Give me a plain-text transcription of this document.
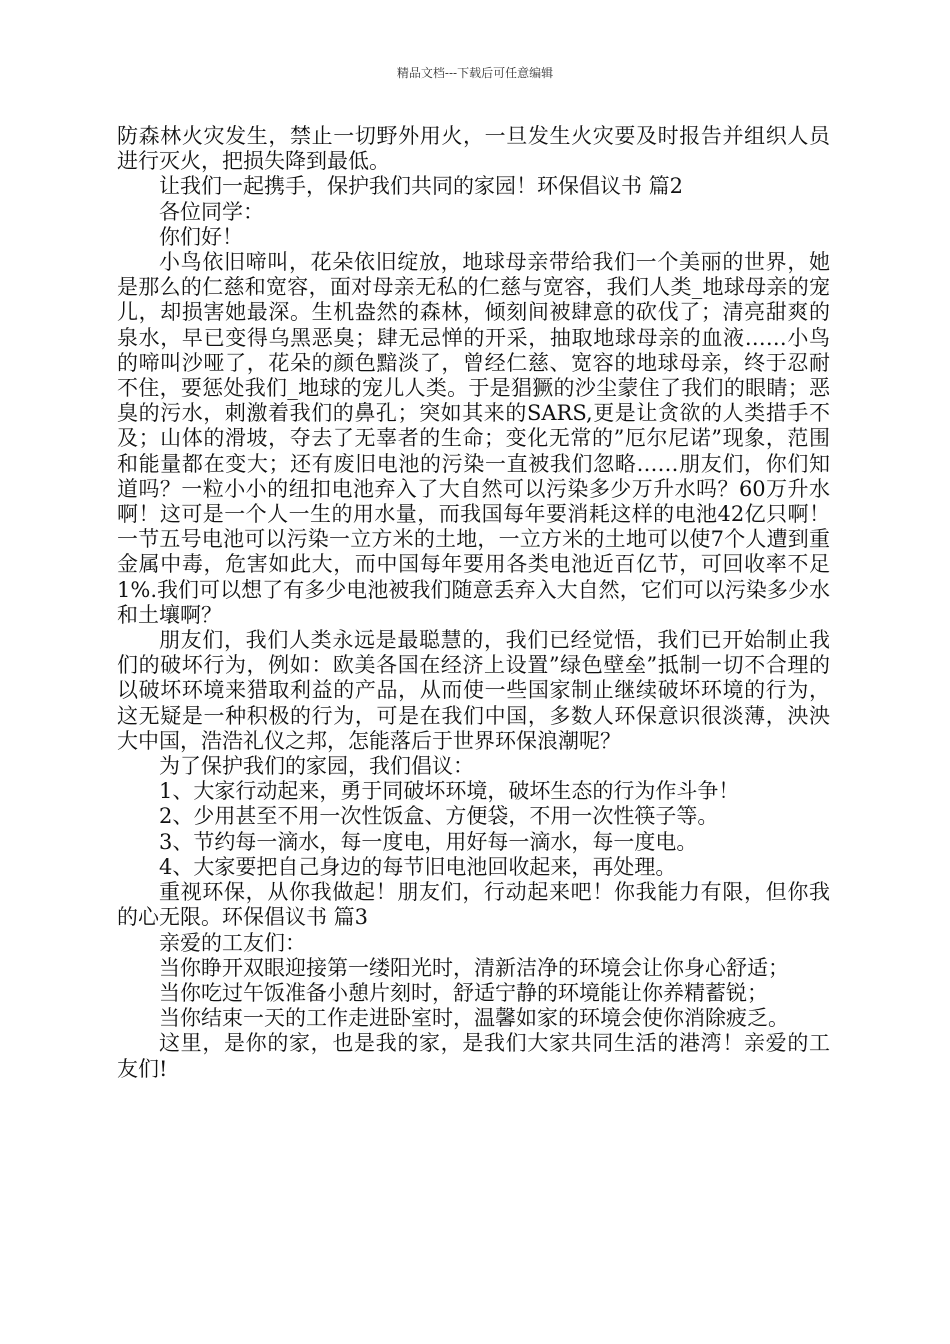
精品文档---下载后可任意编辑

防森林火灾发生，禁止一切野外用火，一旦发生火灾要及时报告并组织人员进行灭火，把损失降到最低。

让我们一起携手，保护我们共同的家园！环保倡议书 篇2

各位同学：

你们好！

小鸟依旧啼叫，花朵依旧绽放，地球母亲带给我们一个美丽的世界，她是那么的仁慈和宽容，面对母亲无私的仁慈与宽容，我们人类_地球母亲的宠儿，却损害她最深。生机盎然的森林，倾刻间被肆意的砍伐了；清亮甜爽的泉水，早已变得乌黑恶臭；肆无忌惮的开采，抽取地球母亲的血液……小鸟的啼叫沙哑了，花朵的颜色黯淡了，曾经仁慈、宽容的地球母亲，终于忍耐不住，要惩处我们_地球的宠儿人类。于是猖獗的沙尘蒙住了我们的眼睛；恶臭的污水，刺激着我们的鼻孔；突如其来的SARS,更是让贪欲的人类措手不及；山体的滑坡，夺去了无辜者的生命；变化无常的”厄尔尼诺”现象，范围和能量都在变大；还有废旧电池的污染一直被我们忽略……朋友们，你们知道吗？一粒小小的纽扣电池弃入了大自然可以污染多少万升水吗？60万升水啊！这可是一个人一生的用水量，而我国每年要消耗这样的电池42亿只啊！一节五号电池可以污染一立方米的土地，一立方米的土地可以使7个人遭到重金属中毒，危害如此大，而中国每年要用各类电池近百亿节，可回收率不足1%.我们可以想了有多少电池被我们随意丢弃入大自然，它们可以污染多少水和土壤啊？

朋友们，我们人类永远是最聪慧的，我们已经觉悟，我们已开始制止我们的破坏行为，例如：欧美各国在经济上设置”绿色壁垒”抵制一切不合理的以破坏环境来猎取利益的产品，从而使一些国家制止继续破坏环境的行为，这无疑是一种积极的行为，可是在我们中国，多数人环保意识很淡薄，泱泱大中国，浩浩礼仪之邦，怎能落后于世界环保浪潮呢？

为了保护我们的家园，我们倡议：

1、大家行动起来，勇于同破坏环境，破坏生态的行为作斗争！

2、少用甚至不用一次性饭盒、方便袋，不用一次性筷子等。

3、节约每一滴水，每一度电，用好每一滴水，每一度电。

4、大家要把自己身边的每节旧电池回收起来，再处理。

重视环保，从你我做起！朋友们，行动起来吧！你我能力有限，但你我的心无限。环保倡议书 篇3

亲爱的工友们：

当你睁开双眼迎接第一缕阳光时，清新洁净的环境会让你身心舒适；

当你吃过午饭准备小憩片刻时，舒适宁静的环境能让你养精蓄锐；

当你结束一天的工作走进卧室时，温馨如家的环境会使你消除疲乏。

这里，是你的家，也是我的家，是我们大家共同生活的港湾！亲爱的工友们!
